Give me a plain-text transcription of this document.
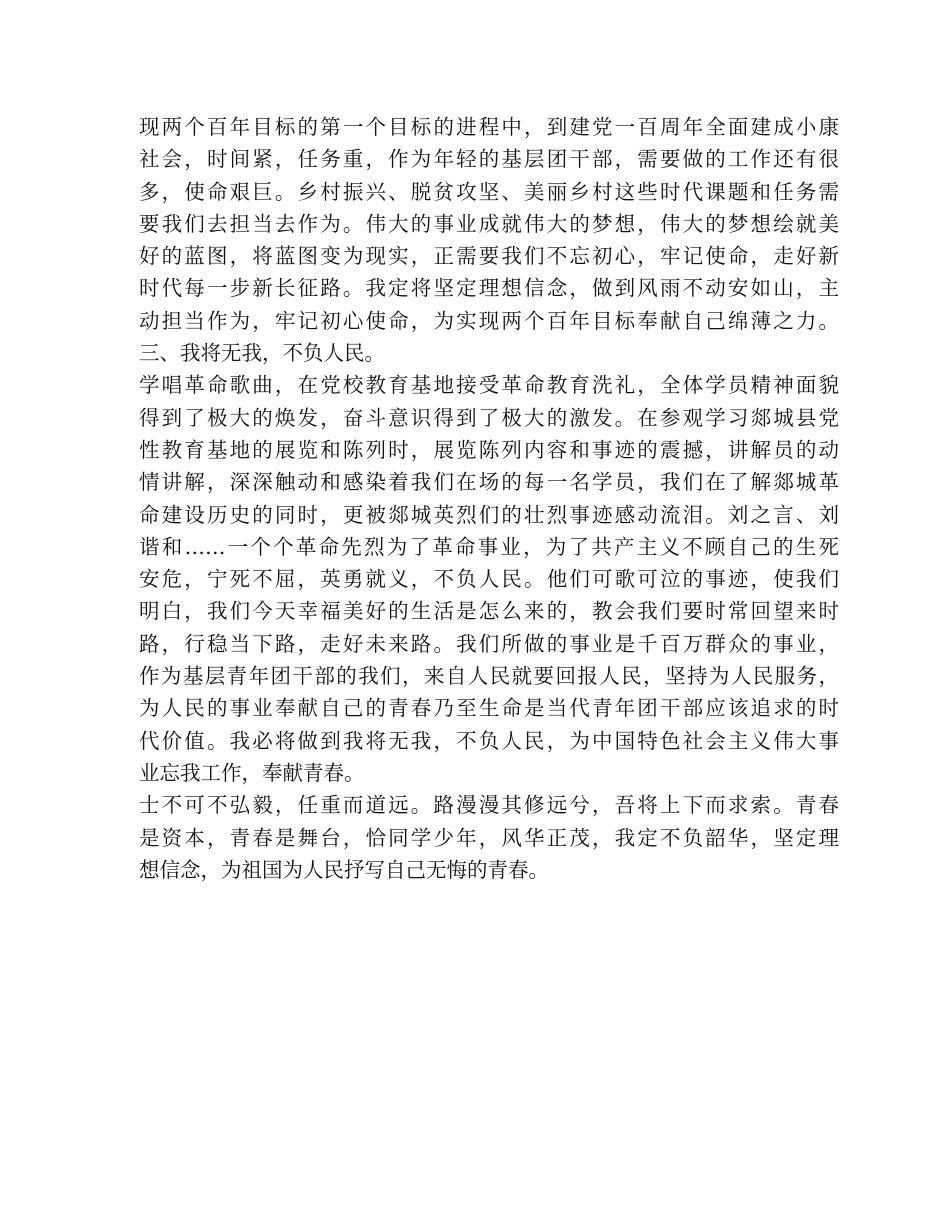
现两个百年目标的第一个目标的进程中，到建党一百周年全面建成小康
社会，时间紧，任务重，作为年轻的基层团干部，需要做的工作还有很
多，使命艰巨。乡村振兴、脱贫攻坚、美丽乡村这些时代课题和任务需
要我们去担当去作为。伟大的事业成就伟大的梦想，伟大的梦想绘就美
好的蓝图，将蓝图变为现实，正需要我们不忘初心，牢记使命，走好新
时代每一步新长征路。我定将坚定理想信念，做到风雨不动安如山，主
动担当作为，牢记初心使命，为实现两个百年目标奉献自己绵薄之力。
三、我将无我，不负人民。
学唱革命歌曲，在党校教育基地接受革命教育洗礼，全体学员精神面貌
得到了极大的焕发，奋斗意识得到了极大的激发。在参观学习郯城县党
性教育基地的展览和陈列时，展览陈列内容和事迹的震撼，讲解员的动
情讲解，深深触动和感染着我们在场的每一名学员，我们在了解郯城革
命建设历史的同时，更被郯城英烈们的壮烈事迹感动流泪。刘之言、刘
谐和……一个个革命先烈为了革命事业，为了共产主义不顾自己的生死
安危，宁死不屈，英勇就义，不负人民。他们可歌可泣的事迹，使我们
明白，我们今天幸福美好的生活是怎么来的，教会我们要时常回望来时
路，行稳当下路，走好未来路。我们所做的事业是千百万群众的事业，
作为基层青年团干部的我们，来自人民就要回报人民，坚持为人民服务，
为人民的事业奉献自己的青春乃至生命是当代青年团干部应该追求的时
代价值。我必将做到我将无我，不负人民，为中国特色社会主义伟大事
业忘我工作，奉献青春。
士不可不弘毅，任重而道远。路漫漫其修远兮，吾将上下而求索。青春
是资本，青春是舞台，恰同学少年，风华正茂，我定不负韶华，坚定理
想信念，为祖国为人民抒写自己无悔的青春。
